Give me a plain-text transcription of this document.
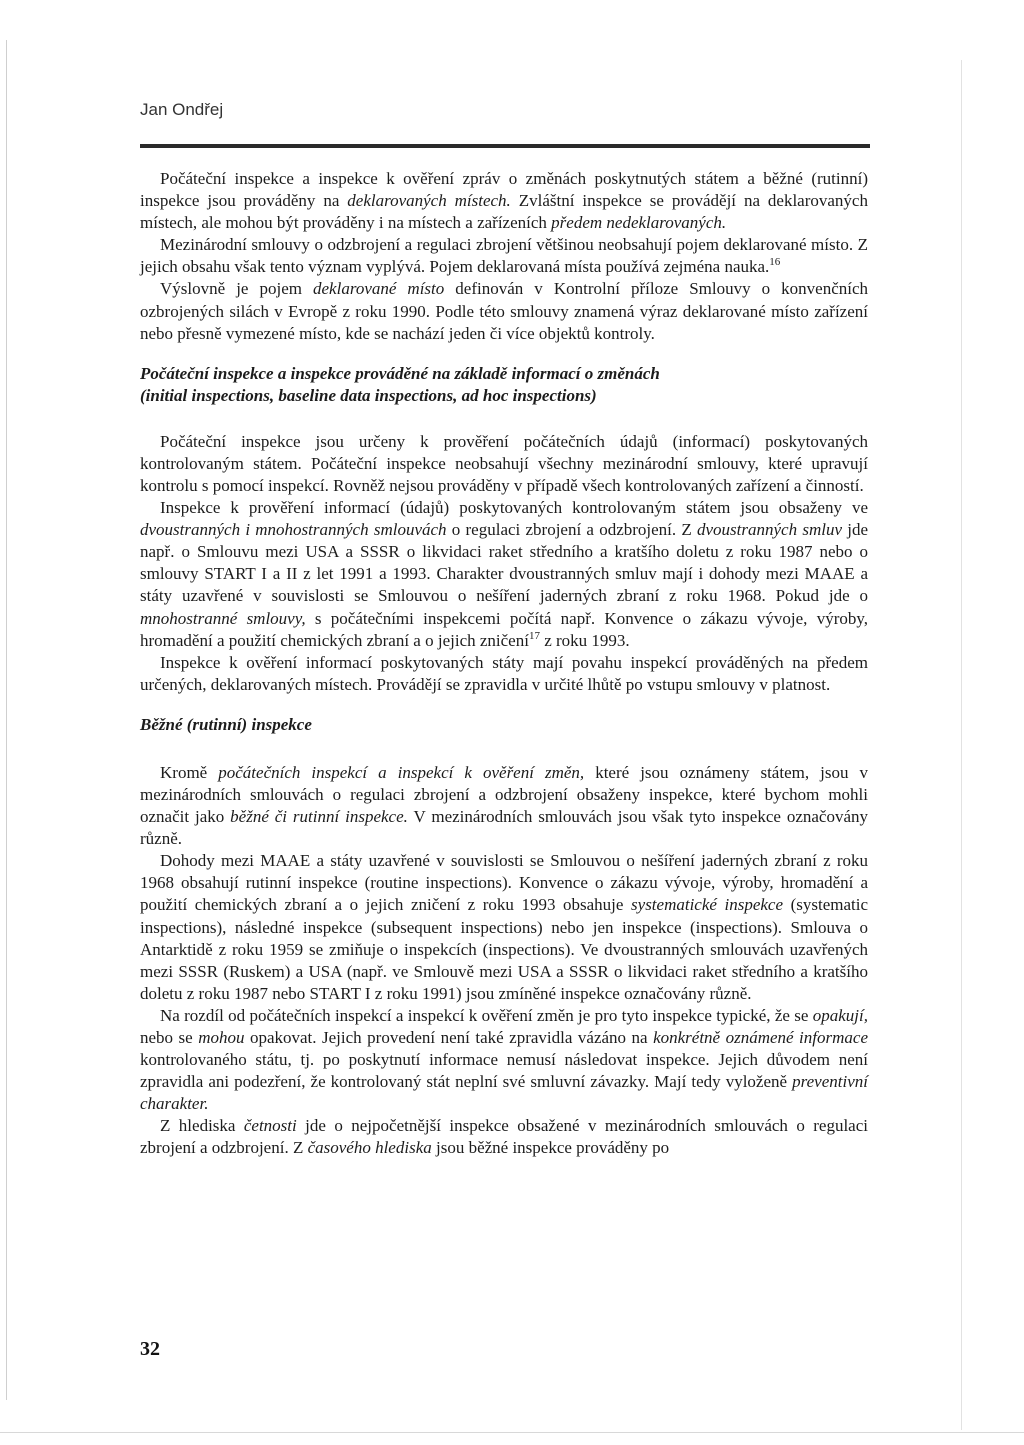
Jan Ondřej

Počáteční inspekce a inspekce k ověření zpráv o změnách poskytnutých státem a běžné (rutinní) inspekce jsou prováděny na deklarovaných místech. Zvláštní inspekce se provádějí na deklarovaných místech, ale mohou být prováděny i na místech a zařízeních předem nedeklarovaných.

Mezinárodní smlouvy o odzbrojení a regulaci zbrojení většinou neobsahují pojem deklarované místo. Z jejich obsahu však tento význam vyplývá. Pojem deklarovaná místa používá zejména nauka.$^{16}$

Výslovně je pojem deklarované místo definován v Kontrolní příloze Smlouvy o konvenčních ozbrojených silách v Evropě z roku 1990. Podle této smlouvy znamená výraz deklarované místo zařízení nebo přesně vymezené místo, kde se nachází jeden či více objektů kontroly.

Počáteční inspekce a inspekce prováděné na základě informací o změnách
(initial inspections, baseline data inspections, ad hoc inspections)

Počáteční inspekce jsou určeny k prověření počátečních údajů (informací) poskytovaných kontrolovaným státem. Počáteční inspekce neobsahují všechny mezinárodní smlouvy, které upravují kontrolu s pomocí inspekcí. Rovněž nejsou prováděny v případě všech kontrolovaných zařízení a činností.

Inspekce k prověření informací (údajů) poskytovaných kontrolovaným státem jsou obsaženy ve dvoustranných i mnohostranných smlouvách o regulaci zbrojení a odzbrojení. Z dvoustranných smluv jde např. o Smlouvu mezi USA a SSSR o likvidaci raket středního a kratšího doletu z roku 1987 nebo o smlouvy START I a II z let 1991 a 1993. Charakter dvoustranných smluv mají i dohody mezi MAAE a státy uzavřené v souvislosti se Smlouvou o nešíření jaderných zbraní z roku 1968. Pokud jde o mnohostranné smlouvy, s počátečními inspekcemi počítá např. Konvence o zákazu vývoje, výroby, hromadění a použití chemických zbraní a o jejich zničení$^{17}$ z roku 1993.

Inspekce k ověření informací poskytovaných státy mají povahu inspekcí prováděných na předem určených, deklarovaných místech. Provádějí se zpravidla v určité lhůtě po vstupu smlouvy v platnost.

Běžné (rutinní) inspekce

Kromě počátečních inspekcí a inspekcí k ověření změn, které jsou oznámeny státem, jsou v mezinárodních smlouvách o regulaci zbrojení a odzbrojení obsaženy inspekce, které bychom mohli označit jako běžné či rutinní inspekce. V mezinárodních smlouvách jsou však tyto inspekce označovány různě.

Dohody mezi MAAE a státy uzavřené v souvislosti se Smlouvou o nešíření jaderných zbraní z roku 1968 obsahují rutinní inspekce (routine inspections). Konvence o zákazu vývoje, výroby, hromadění a použití chemických zbraní a o jejich zničení z roku 1993 obsahuje systematické inspekce (systematic inspections), následné inspekce (subsequent inspections) nebo jen inspekce (inspections). Smlouva o Antarktidě z roku 1959 se zmiňuje o inspekcích (inspections). Ve dvoustranných smlouvách uzavřených mezi SSSR (Ruskem) a USA (např. ve Smlouvě mezi USA a SSSR o likvidaci raket středního a kratšího doletu z roku 1987 nebo START I z roku 1991) jsou zmíněné inspekce označovány různě.

Na rozdíl od počátečních inspekcí a inspekcí k ověření změn je pro tyto inspekce typické, že se opakují, nebo se mohou opakovat. Jejich provedení není také zpravidla vázáno na konkrétně oznámené informace kontrolovaného státu, tj. po poskytnutí informace nemusí následovat inspekce. Jejich důvodem není zpravidla ani podezření, že kontrolovaný stát neplní své smluvní závazky. Mají tedy vyloženě preventivní charakter.

Z hlediska četnosti jde o nejpočetnější inspekce obsažené v mezinárodních smlouvách o regulaci zbrojení a odzbrojení. Z časového hlediska jsou běžné inspekce prováděny po

32
